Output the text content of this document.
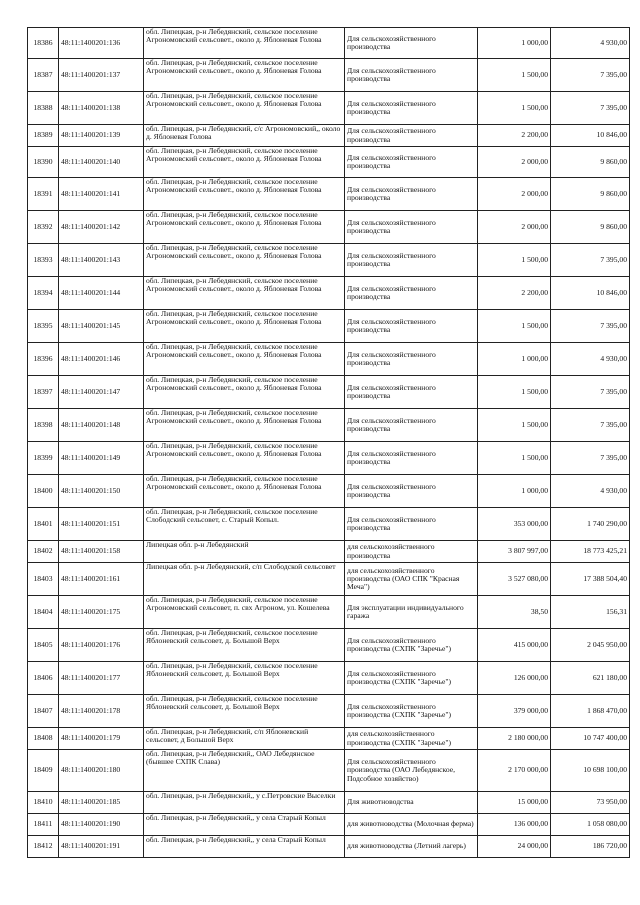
18386	48:11:1400201:136	обл. Липецкая, р-н Лебедянский, сельское поселение Агрономовский сельсовет., около д. Яблоневая Голова	Для сельскохозяйственного производства	1 000,00	4 930,00
18387	48:11:1400201:137	обл. Липецкая, р-н Лебедянский, сельское поселение Агрономовский сельсовет., около д. Яблоневая Голова	Для сельскохозяйственного производства	1 500,00	7 395,00
18388	48:11:1400201:138	обл. Липецкая, р-н Лебедянский, сельское поселение Агрономовский сельсовет., около д. Яблоневая Голова	Для сельскохозяйственного производства	1 500,00	7 395,00
18389	48:11:1400201:139	обл. Липецкая, р-н Лебедянский, с/с Агрономовский,, около д. Яблоневая Голова	Для сельскохозяйственного производства	2 200,00	10 846,00
18390	48:11:1400201:140	обл. Липецкая, р-н Лебедянский, сельское поселение Агрономовский сельсовет., около д. Яблоневая Голова	Для сельскохозяйственного производства	2 000,00	9 860,00
18391	48:11:1400201:141	обл. Липецкая, р-н Лебедянский, сельское поселение Агрономовский сельсовет., около д. Яблоневая Голова	Для сельскохозяйственного производства	2 000,00	9 860,00
18392	48:11:1400201:142	обл. Липецкая, р-н Лебедянский, сельское поселение Агрономовский сельсовет., около д. Яблоневая Голова	Для сельскохозяйственного производства	2 000,00	9 860,00
18393	48:11:1400201:143	обл. Липецкая, р-н Лебедянский, сельское поселение Агрономовский сельсовет., около д. Яблоневая Голова	Для сельскохозяйственного производства	1 500,00	7 395,00
18394	48:11:1400201:144	обл. Липецкая, р-н Лебедянский, сельское поселение Агрономовский сельсовет., около д. Яблоневая Голова	Для сельскохозяйственного производства	2 200,00	10 846,00
18395	48:11:1400201:145	обл. Липецкая, р-н Лебедянский, сельское поселение Агрономовский сельсовет., около д. Яблоневая Голова	Для сельскохозяйственного производства	1 500,00	7 395,00
18396	48:11:1400201:146	обл. Липецкая, р-н Лебедянский, сельское поселение Агрономовский сельсовет., около д. Яблоневая Голова	Для сельскохозяйственного производства	1 000,00	4 930,00
18397	48:11:1400201:147	обл. Липецкая, р-н Лебедянский, сельское поселение Агрономовский сельсовет., около д. Яблоневая Голова	Для сельскохозяйственного производства	1 500,00	7 395,00
18398	48:11:1400201:148	обл. Липецкая, р-н Лебедянский, сельское поселение Агрономовский сельсовет., около д. Яблоневая Голова	Для сельскохозяйственного производства	1 500,00	7 395,00
18399	48:11:1400201:149	обл. Липецкая, р-н Лебедянский, сельское поселение Агрономовский сельсовет., около д. Яблоневая Голова	Для сельскохозяйственного производства	1 500,00	7 395,00
18400	48:11:1400201:150	обл. Липецкая, р-н Лебедянский, сельское поселение Агрономовский сельсовет., около д. Яблоневая Голова	Для сельскохозяйственного производства	1 000,00	4 930,00
18401	48:11:1400201:151	обл. Липецкая, р-н Лебедянский, сельское поселение Слободский сельсовет, с. Старый Копыл.	Для сельскохозяйственного производства	353 000,00	1 740 290,00
18402	48:11:1400201:158	Липецкая обл. р-н Лебедянский	для сельскохозяйственного производства	3 807 997,00	18 773 425,21
18403	48:11:1400201:161	Липецкая обл. р-н Лебедянский, с/п Слободской сельсовет	для сельскохозяйственного производства (ОАО СПК "Красная Меча")	3 527 080,00	17 388 504,40
18404	48:11:1400201:175	обл. Липецкая, р-н Лебедянский, сельское поселение Агрономовский сельсовет, п. свх Агроном, ул. Кошелева	Для эксплуатации индивидуального гаража	38,50	156,31
18405	48:11:1400201:176	обл. Липецкая, р-н Лебедянский, сельское поселение Яблоневский сельсовет, д. Большой Верх	Для сельскохозяйственного производства (СХПК "Заречье")	415 000,00	2 045 950,00
18406	48:11:1400201:177	обл. Липецкая, р-н Лебедянский, сельское поселение Яблоневский сельсовет, д. Большой Верх	Для сельскохозяйственного производства (СХПК "Заречье")	126 000,00	621 180,00
18407	48:11:1400201:178	обл. Липецкая, р-н Лебедянский, сельское поселение Яблоневский сельсовет, д. Большой Верх	Для сельскохозяйственного производства (СХПК "Заречье")	379 000,00	1 868 470,00
18408	48:11:1400201:179	обл. Липецкая, р-н Лебедянский, с/п Яблоневский сельсовет, д Большой Верх	для сельскохозяйственного производства (СХПК "Заречье")	2 180 000,00	10 747 400,00
18409	48:11:1400201:180	обл. Липецкая, р-н Лебедянский,, ОАО Лебедянское (бывшее СХПК Слава)	Для сельскохозяйственного производства (ОАО Лебедянское, Подсобное хозяйство)	2 170 000,00	10 698 100,00
18410	48:11:1400201:185	обл. Липецкая, р-н Лебедянский,, у с.Петровские Выселки	Для животноводства	15 000,00	73 950,00
18411	48:11:1400201:190	обл. Липецкая, р-н Лебедянский,, у села Старый Копыл	для животноводства (Молочная ферма)	136 000,00	1 058 080,00
18412	48:11:1400201:191	обл. Липецкая, р-н Лебедянский,, у села Старый Копыл	для животноводства (Летний лагерь)	24 000,00	186 720,00
